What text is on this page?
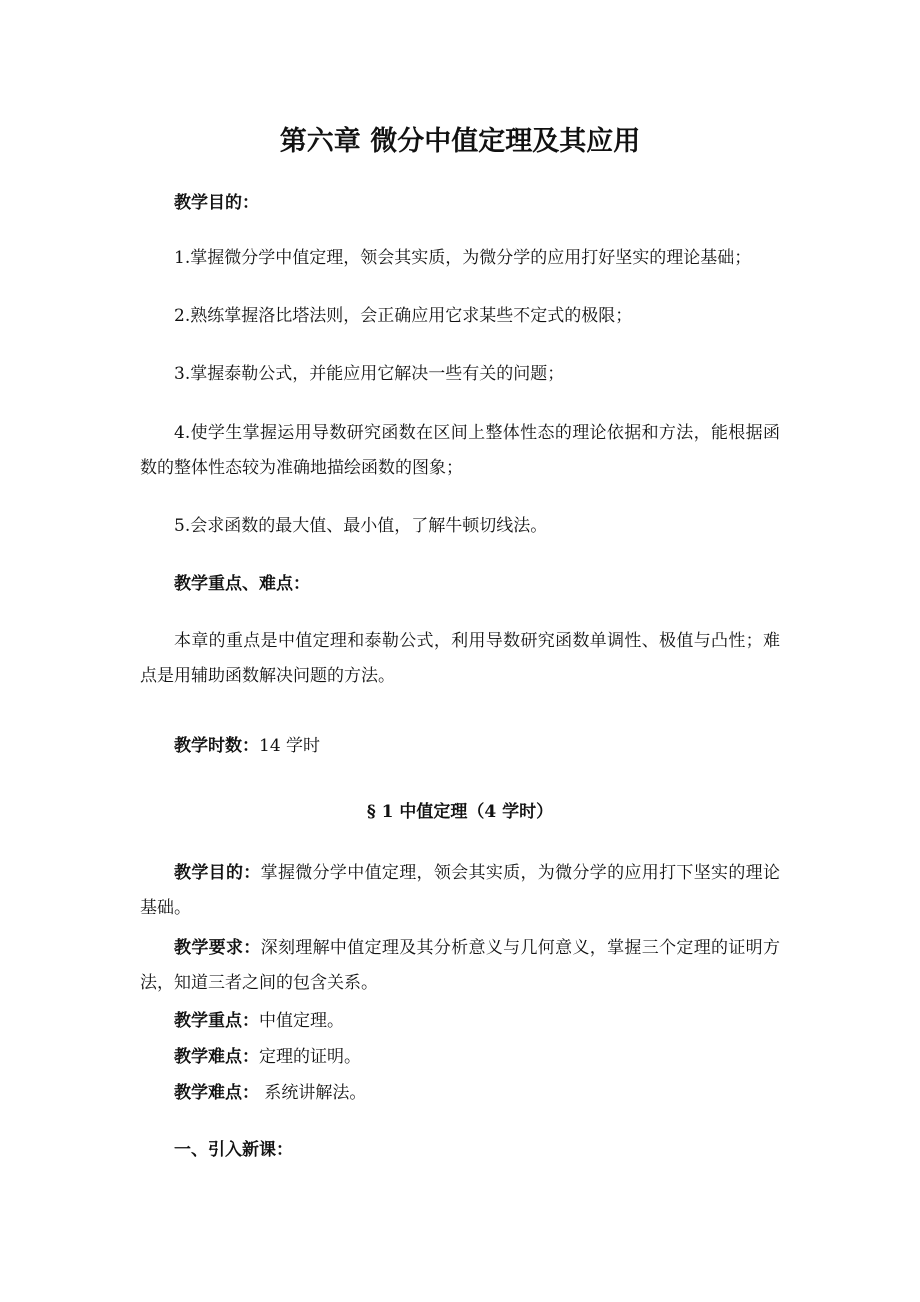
第六章 微分中值定理及其应用
教学目的：
1.掌握微分学中值定理，领会其实质，为微分学的应用打好坚实的理论基础；
2.熟练掌握洛比塔法则，会正确应用它求某些不定式的极限；
3.掌握泰勒公式，并能应用它解决一些有关的问题；
4.使学生掌握运用导数研究函数在区间上整体性态的理论依据和方法，能根据函数的整体性态较为准确地描绘函数的图象；
5.会求函数的最大值、最小值，了解牛顿切线法。
教学重点、难点：
本章的重点是中值定理和泰勒公式，利用导数研究函数单调性、极值与凸性；难点是用辅助函数解决问题的方法。
教学时数：14 学时
§ 1 中值定理（4 学时）
教学目的：掌握微分学中值定理，领会其实质，为微分学的应用打下坚实的理论基础。
教学要求：深刻理解中值定理及其分析意义与几何意义，掌握三个定理的证明方法，知道三者之间的包含关系。
教学重点：中值定理。
教学难点：定理的证明。
教学难点： 系统讲解法。
一、引入新课：
